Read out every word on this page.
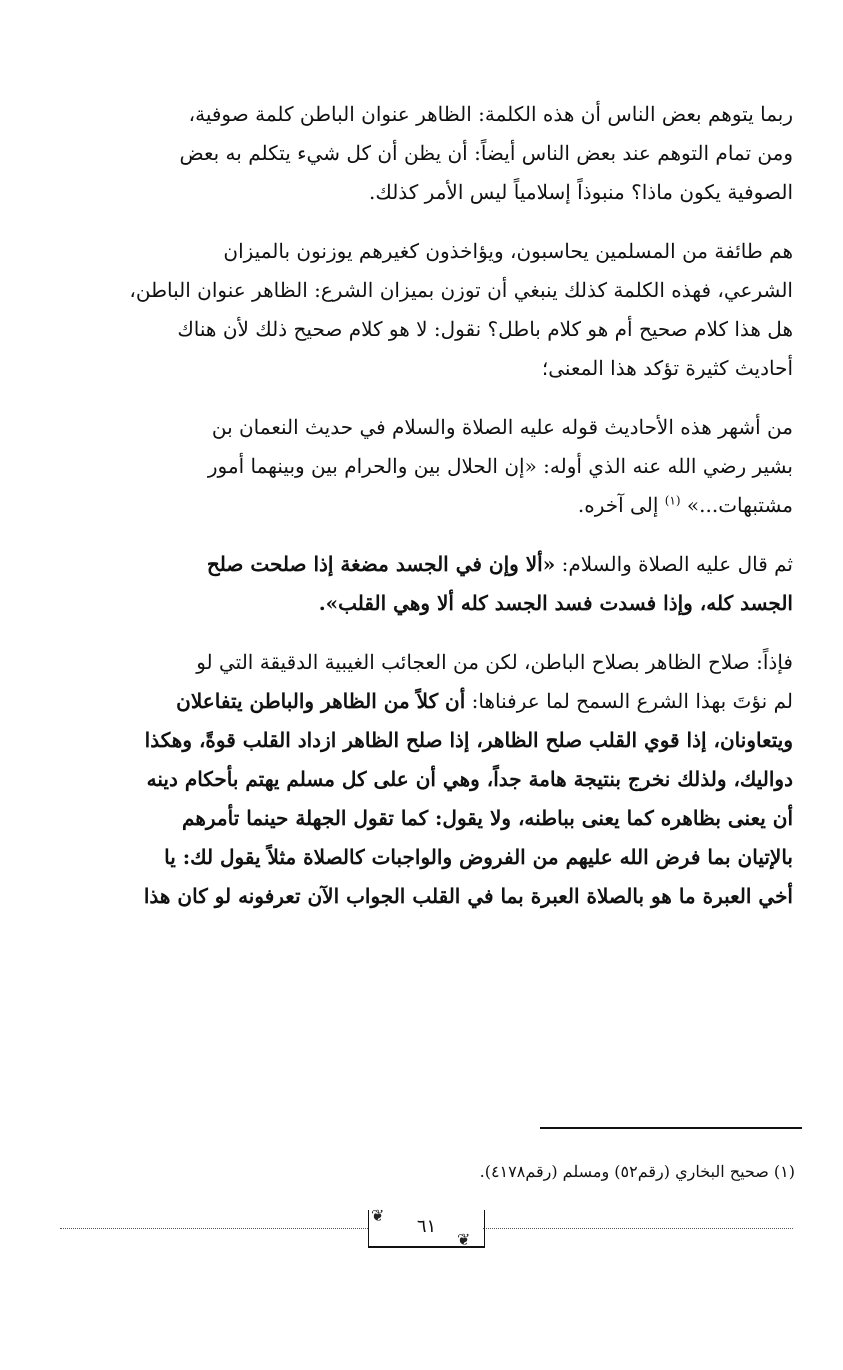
ربما يتوهم بعض الناس أن هذه الكلمة: الظاهر عنوان الباطن كلمة صوفية،

ومن تمام التوهم عند بعض الناس أيضاً: أن يظن أن كل شيء يتكلم به بعض

الصوفية يكون ماذا؟ منبوذاً إسلامياً ليس الأمر كذلك.

هم طائفة من المسلمين يحاسبون، ويؤاخذون كغيرهم يوزنون بالميزان

الشرعي، فهذه الكلمة كذلك ينبغي أن توزن بميزان الشرع: الظاهر عنوان الباطن،

هل هذا كلام صحيح أم هو كلام باطل؟ نقول: لا هو كلام صحيح ذلك لأن هناك

أحاديث كثيرة تؤكد هذا المعنى؛

من أشهر هذه الأحاديث قوله عليه الصلاة والسلام في حديث النعمان بن

بشير رضي الله عنه الذي أوله: «إن الحلال بين والحرام بين وبينهما أمور

مشتبهات...» $^{(١)}$ إلى آخره.

ثم قال عليه الصلاة والسلام: «ألا وإن في الجسد مضغة إذا صلحت صلح

الجسد كله، وإذا فسدت فسد الجسد كله ألا وهي القلب».

فإذاً: صلاح الظاهر بصلاح الباطن، لكن من العجائب الغيبية الدقيقة التي لو

لم نؤتَ بهذا الشرع السمح لما عرفناها: أن كلاً من الظاهر والباطن يتفاعلان

ويتعاونان، إذا قوي القلب صلح الظاهر، إذا صلح الظاهر ازداد القلب قوةً، وهكذا

دواليك، ولذلك نخرج بنتيجة هامة جداً، وهي أن على كل مسلم يهتم بأحكام دينه

أن يعنى بظاهره كما يعنى بباطنه، ولا يقول: كما تقول الجهلة حينما تأمرهم

بالإتيان بما فرض الله عليهم من الفروض والواجبات كالصلاة مثلاً يقول لك: يا

أخي العبرة ما هو بالصلاة العبرة بما في القلب الجواب الآن تعرفونه لو كان هذا

(١) صحيح البخاري (رقم٥٢) ومسلم (رقم٤١٧٨).
٦١
❦
❦
